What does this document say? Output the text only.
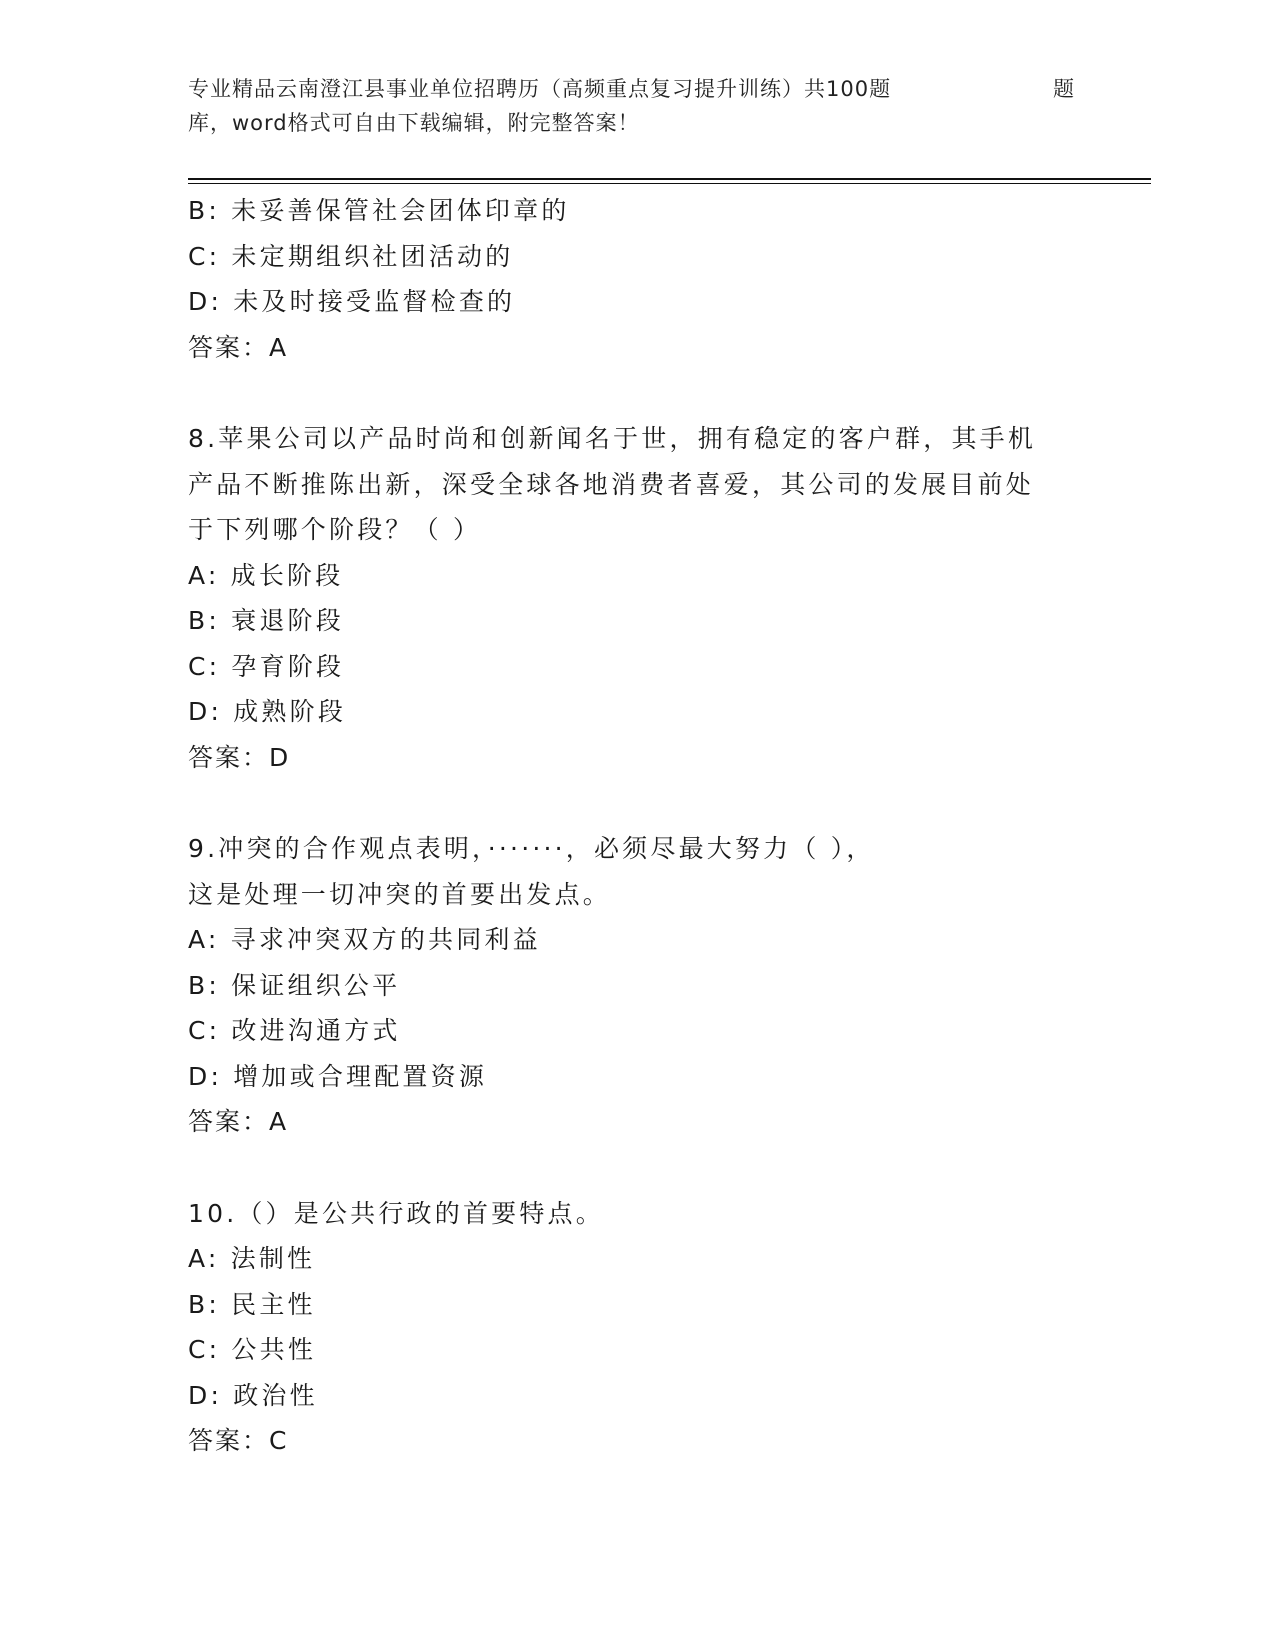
专业精品云南澄江县事业单位招聘历（高频重点复习提升训练）共100题	题
库，word格式可自由下载编辑，附完整答案！
B: 未妥善保管社会团体印章的
C: 未定期组织社团活动的
D: 未及时接受监督检查的
答案：A
8.苹果公司以产品时尚和创新闻名于世，拥有稳定的客户群，其手机
产品不断推陈出新，深受全球各地消费者喜爱，其公司的发展目前处
于下列哪个阶段？（ ）
A: 成长阶段
B: 衰退阶段
C: 孕育阶段
D: 成熟阶段
答案：D
9.冲突的合作观点表明，·······，必须尽最大努力（ ），
这是处理一切冲突的首要出发点。
A: 寻求冲突双方的共同利益
B: 保证组织公平
C: 改进沟通方式
D: 增加或合理配置资源
答案：A
10.（）是公共行政的首要特点。
A: 法制性
B: 民主性
C: 公共性
D: 政治性
答案：C
